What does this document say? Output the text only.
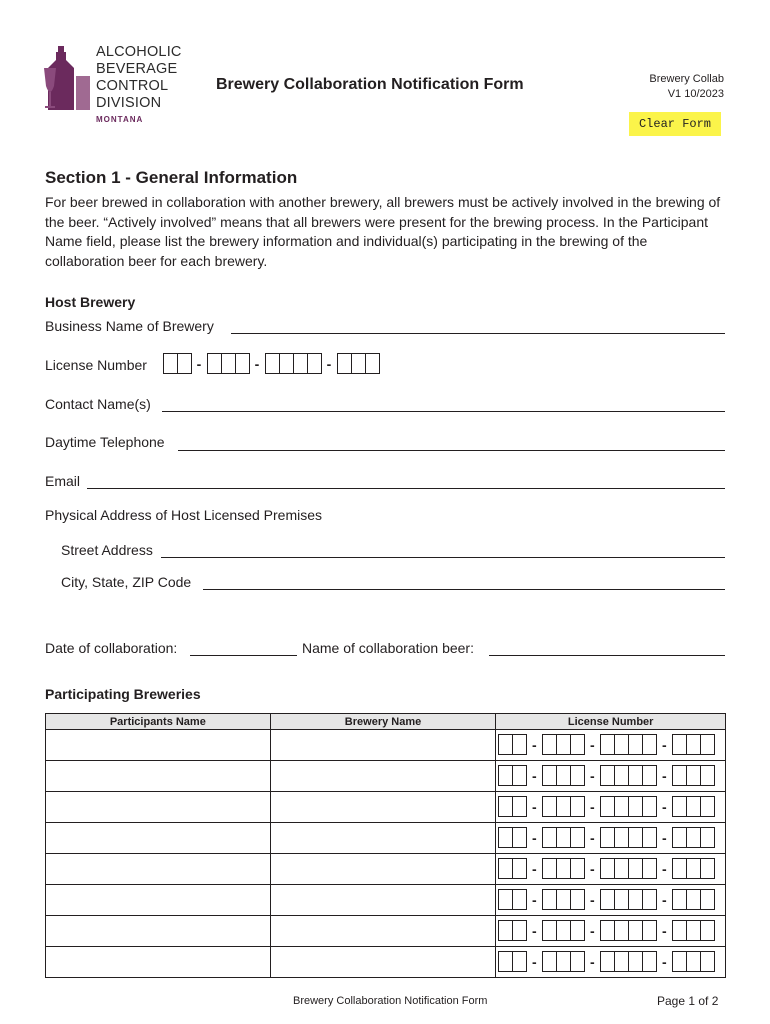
ALCOHOLIC
BEVERAGE
CONTROL
DIVISION
MONTANA
Brewery Collaboration Notification Form	Brewery Collab
V1 10/2023
Clear Form
Section 1 - General Information
For beer brewed in collaboration with another brewery, all brewers must be actively involved in the brewing of the beer. “Actively involved” means that all brewers were present for the brewing process. In the Participant Name field, please list the brewery information and individual(s) participating in the brewing of the collaboration beer for each brewery.
Host Brewery
Business Name of Brewery
License Number	-	-	-
Contact Name(s)
Daytime Telephone
Email
Physical Address of Host Licensed Premises
Street Address
City, State, ZIP Code
Date of collaboration:	Name of collaboration beer:
Participating Breweries
Participants Name	Brewery Name	License Number

		- - -

		- - -

		- - -

		- - -

		- - -

		- - -

		- - -

		- - -
Brewery Collaboration Notification Form	Page 1 of 2
